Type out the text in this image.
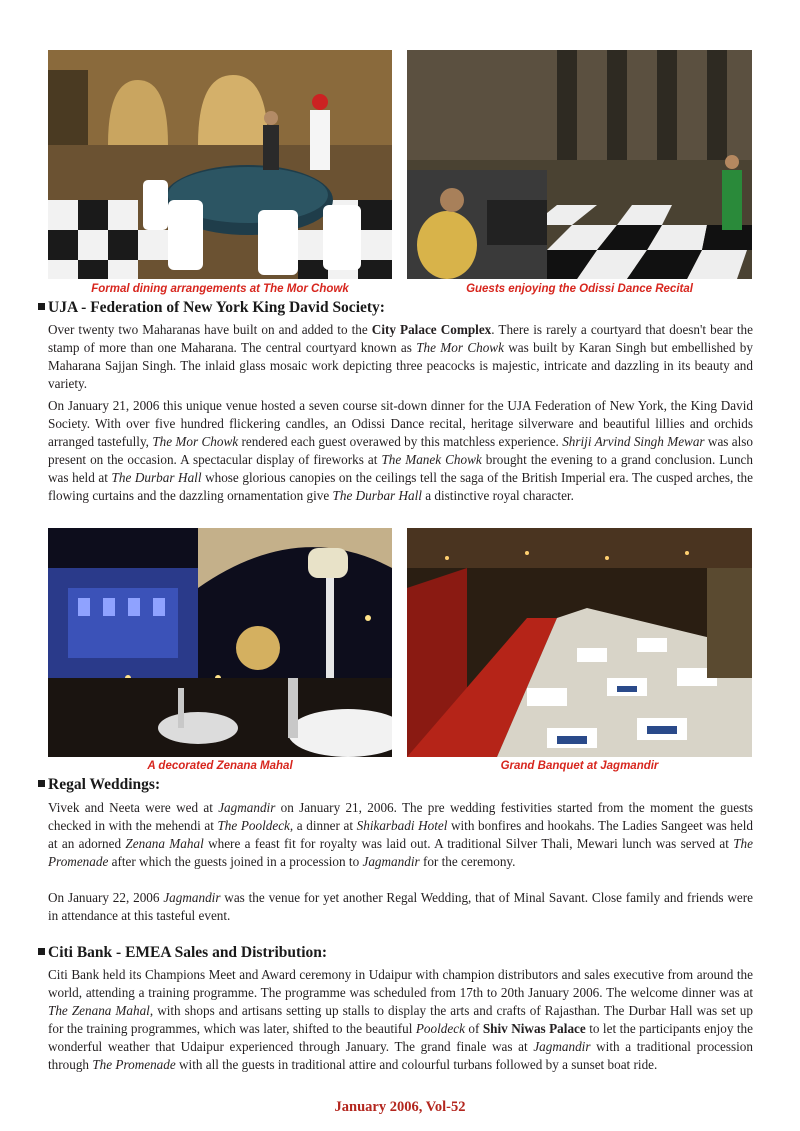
Formal dining arrangements at The Mor Chowk	Guests enjoying the Odissi Dance Recital
UJA - Federation of New York King David Society:

Over twenty two Maharanas have built on and added to the City Palace Complex. There is rarely a courtyard that doesn't bear the stamp of more than one Maharana. The central courtyard known as The Mor Chowk was built by Karan Singh but embellished by Maharana Sajjan Singh. The inlaid glass mosaic work depicting three peacocks is majestic, intricate and dazzling in its beauty and variety.

On January 21, 2006 this unique venue hosted a seven course sit-down dinner for the UJA Federation of New York, the King David Society. With over five hundred flickering candles, an Odissi Dance recital, heritage silverware and beautiful lillies and orchids arranged tastefully, The Mor Chowk rendered each guest overawed by this matchless experience. Shriji Arvind Singh Mewar was also present on the occasion. A spectacular display of fireworks at The Manek Chowk brought the evening to a grand conclusion. Lunch was held at The Durbar Hall whose glorious canopies on the ceilings tell the saga of the British Imperial era. The cusped arches, the flowing curtains and the dazzling ornamentation give The Durbar Hall a distinctive royal character.

A decorated Zenana Mahal	Grand Banquet at Jagmandir
Regal Weddings:

Vivek and Neeta were wed at Jagmandir on January 21, 2006. The pre wedding festivities started from the moment the guests checked in with the mehendi at The Pooldeck, a dinner at Shikarbadi Hotel with bonfires and hookahs. The Ladies Sangeet was held at an adorned Zenana Mahal where a feast fit for royalty was laid out. A traditional Silver Thali, Mewari lunch was served at The Promenade after which the guests joined in a procession to Jagmandir for the ceremony.

On January 22, 2006 Jagmandir was the venue for yet another Regal Wedding, that of Minal Savant. Close family and friends were in attendance at this tasteful event.

Citi Bank - EMEA Sales and Distribution:

Citi Bank held its Champions Meet and Award ceremony in Udaipur with champion distributors and sales executive from around the world, attending a training programme. The programme was scheduled from 17th to 20th January 2006. The welcome dinner was at The Zenana Mahal, with shops and artisans setting up stalls to display the arts and crafts of Rajasthan. The Durbar Hall was set up for the training programmes, which was later, shifted to the beautiful Pooldeck of Shiv Niwas Palace to let the participants enjoy the wonderful weather that Udaipur experienced through January. The grand finale was at Jagmandir with a traditional procession through The Promenade with all the guests in traditional attire and colourful turbans followed by a sunset boat ride.

January 2006, Vol-52
